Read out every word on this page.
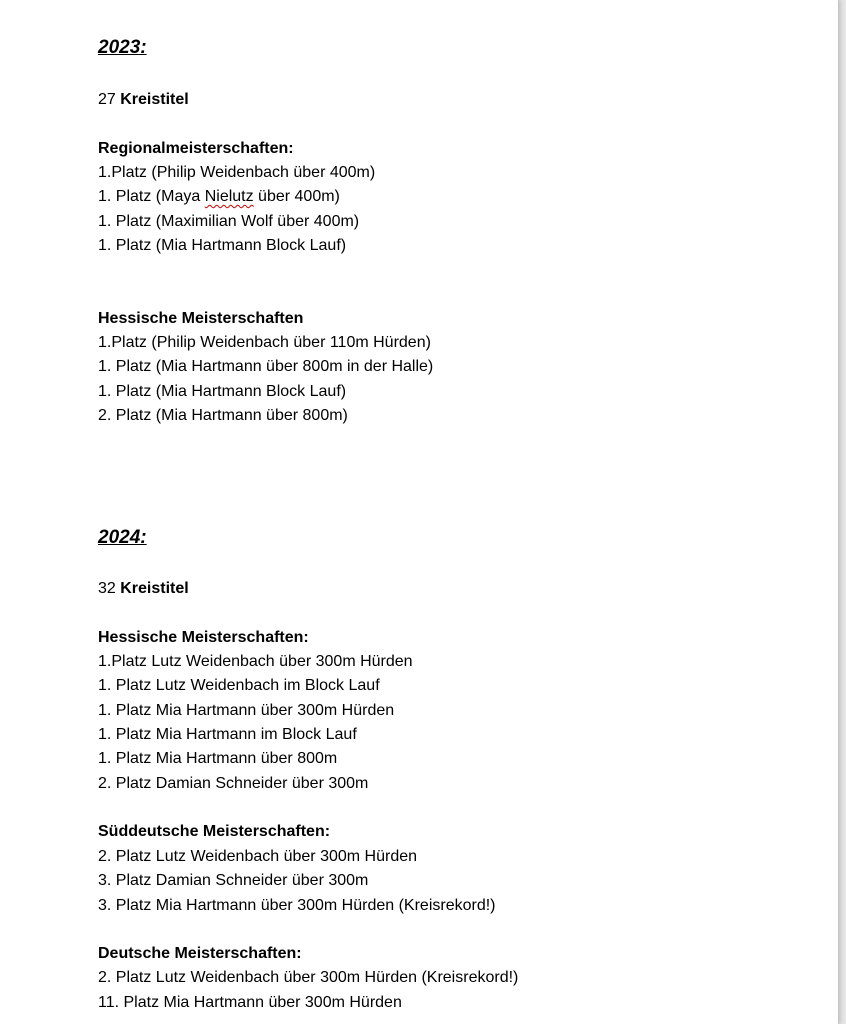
2023:
27 Kreistitel
Regionalmeisterschaften:
1.Platz (Philip Weidenbach über 400m)
1. Platz (Maya Nielutz über 400m)
1. Platz (Maximilian Wolf über 400m)
1. Platz (Mia Hartmann Block Lauf)
Hessische Meisterschaften
1.Platz (Philip Weidenbach über 110m Hürden)
1. Platz (Mia Hartmann über 800m in der Halle)
1. Platz (Mia Hartmann Block Lauf)
2. Platz (Mia Hartmann über 800m)
2024:
32 Kreistitel
Hessische Meisterschaften:
1.Platz Lutz Weidenbach über 300m Hürden
1. Platz Lutz Weidenbach im Block Lauf
1. Platz Mia Hartmann über 300m Hürden
1. Platz Mia Hartmann im Block Lauf
1. Platz Mia Hartmann über 800m
2. Platz Damian Schneider über 300m
Süddeutsche Meisterschaften:
2. Platz Lutz Weidenbach über 300m Hürden
3. Platz Damian Schneider über 300m
3. Platz Mia Hartmann über 300m Hürden (Kreisrekord!)
Deutsche Meisterschaften:
2. Platz Lutz Weidenbach über 300m Hürden (Kreisrekord!)
11. Platz Mia Hartmann über 300m Hürden
